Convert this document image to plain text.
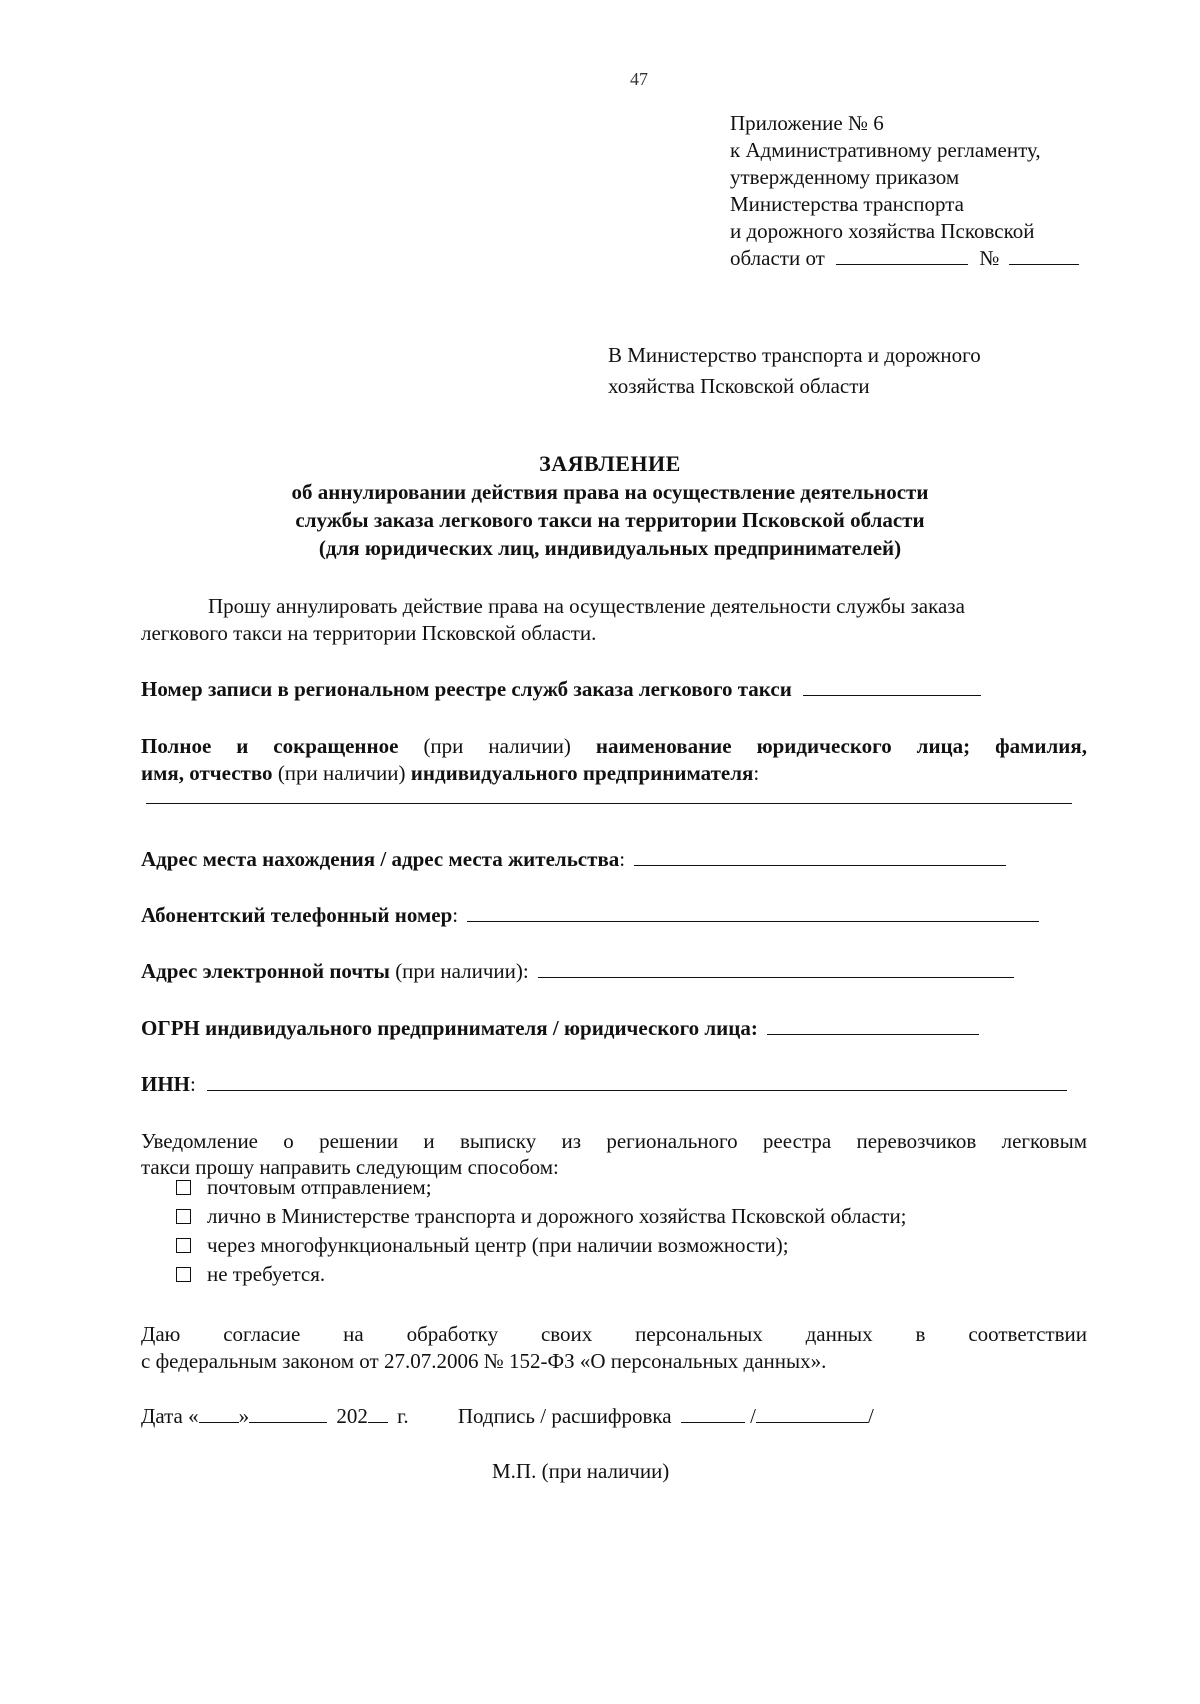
47
Приложение № 6
к Административному регламенту,
утвержденному приказом
Министерства транспорта
и дорожного хозяйства Псковской
области от	№
В Министерство транспорта и дорожного
хозяйства Псковской области
ЗАЯВЛЕНИЕ
об аннулировании действия права на осуществление деятельности
службы заказа легкового такси на территории Псковской области
(для юридических лиц, индивидуальных предпринимателей)
Прошу аннулировать действие права на осуществление деятельности службы заказа
легкового такси на территории Псковской области.
Номер записи в региональном реестре служб заказа легкового такси
Полное и сокращенное (при наличии) наименование юридического лица; фамилия,
имя, отчество (при наличии) индивидуального предпринимателя:
Адрес места нахождения / адрес места жительства:
Абонентский телефонный номер:
Адрес электронной почты (при наличии):
ОГРН индивидуального предпринимателя / юридического лица:
ИНН:
Уведомление о решении и выписку из регионального реестра перевозчиков легковым
такси прошу направить следующим способом:
почтовым отправлением;
лично в Министерстве транспорта и дорожного хозяйства Псковской области;
через многофункциональный центр (при наличии возможности);
не требуется.
Даю согласие на обработку своих персональных данных в соответствии
с федеральным законом от 27.07.2006 № 152-ФЗ «О персональных данных».
Дата « »	202 г. Подпись / расшифровка	/	/
М.П. (при наличии)
